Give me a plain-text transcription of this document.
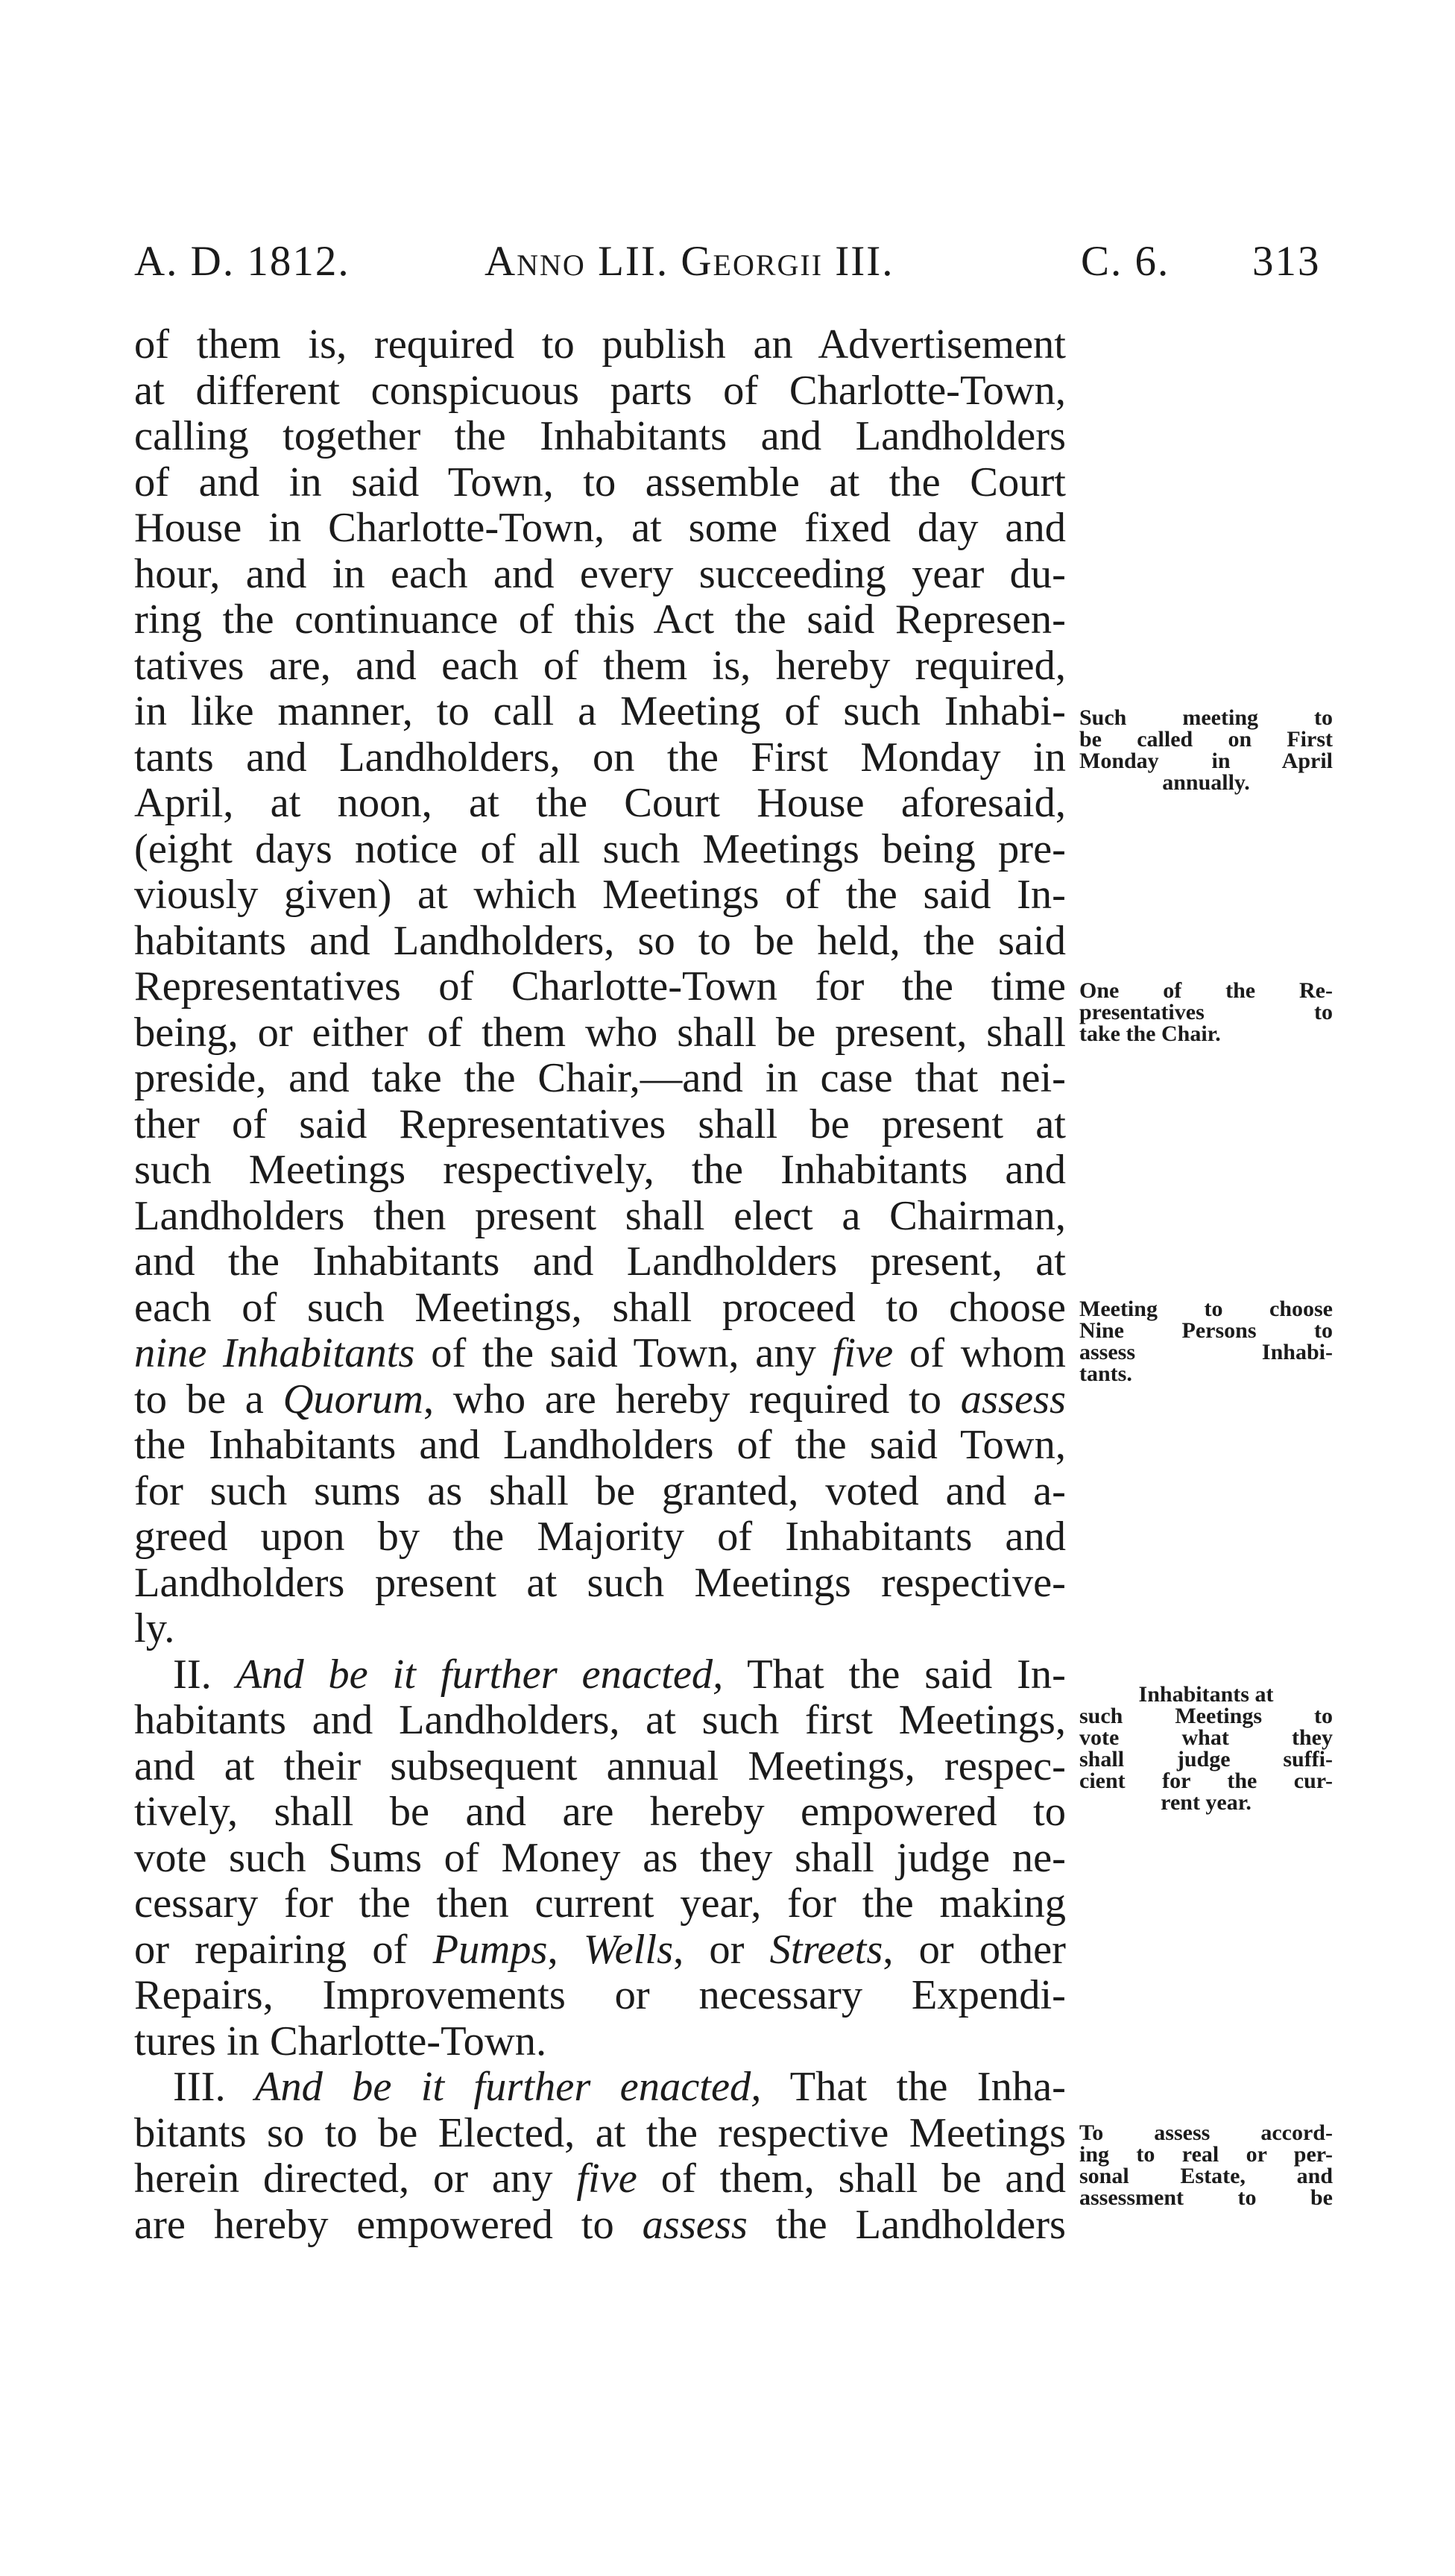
A. D. 1812.	Anno LII. Georgii III.	C. 6. 313
of them is, required to publish an Advertisement
at different conspicuous parts of Charlotte-Town,
calling together the Inhabitants and Landholders
of and in said Town, to assemble at the Court
House in Charlotte-Town, at some fixed day and
hour, and in each and every succeeding year du-
ring the continuance of this Act the said Represen-
tatives are, and each of them is, hereby required,
in like manner, to call a Meeting of such Inhabi-
tants and Landholders, on the First Monday in
April, at noon, at the Court House aforesaid,
(eight days notice of all such Meetings being pre-
viously given) at which Meetings of the said In-
habitants and Landholders, so to be held, the said
Representatives of Charlotte-Town for the time
being, or either of them who shall be present, shall
preside, and take the Chair,—and in case that nei-
ther of said Representatives shall be present at
such Meetings respectively, the Inhabitants and
Landholders then present shall elect a Chairman,
and the Inhabitants and Landholders present, at
each of such Meetings, shall proceed to choose
nine Inhabitants of the said Town, any five of whom
to be a Quorum, who are hereby required to assess
the Inhabitants and Landholders of the said Town,
for such sums as shall be granted, voted and a-
greed upon by the Majority of Inhabitants and
Landholders present at such Meetings respective-
ly.
II. And be it further enacted, That the said In-
habitants and Landholders, at such first Meetings,
and at their subsequent annual Meetings, respec-
tively, shall be and are hereby empowered to
vote such Sums of Money as they shall judge ne-
cessary for the then current year, for the making
or repairing of Pumps, Wells, or Streets, or other
Repairs, Improvements or necessary Expendi-
tures in Charlotte-Town.
III. And be it further enacted, That the Inha-
bitants so to be Elected, at the respective Meetings
herein directed, or any five of them, shall be and
are hereby empowered to assess the Landholders
Such meeting to
be called on First
Monday in April
annually.
One of the Re-
presentatives to
take the Chair.
Meeting to choose
Nine Persons to
assess Inhabi-
tants.
Inhabitants at
such Meetings to
vote what they
shall judge suffi-
cient for the cur-
rent year.
To assess accord-
ing to real or per-
sonal Estate, and
assessment to be
